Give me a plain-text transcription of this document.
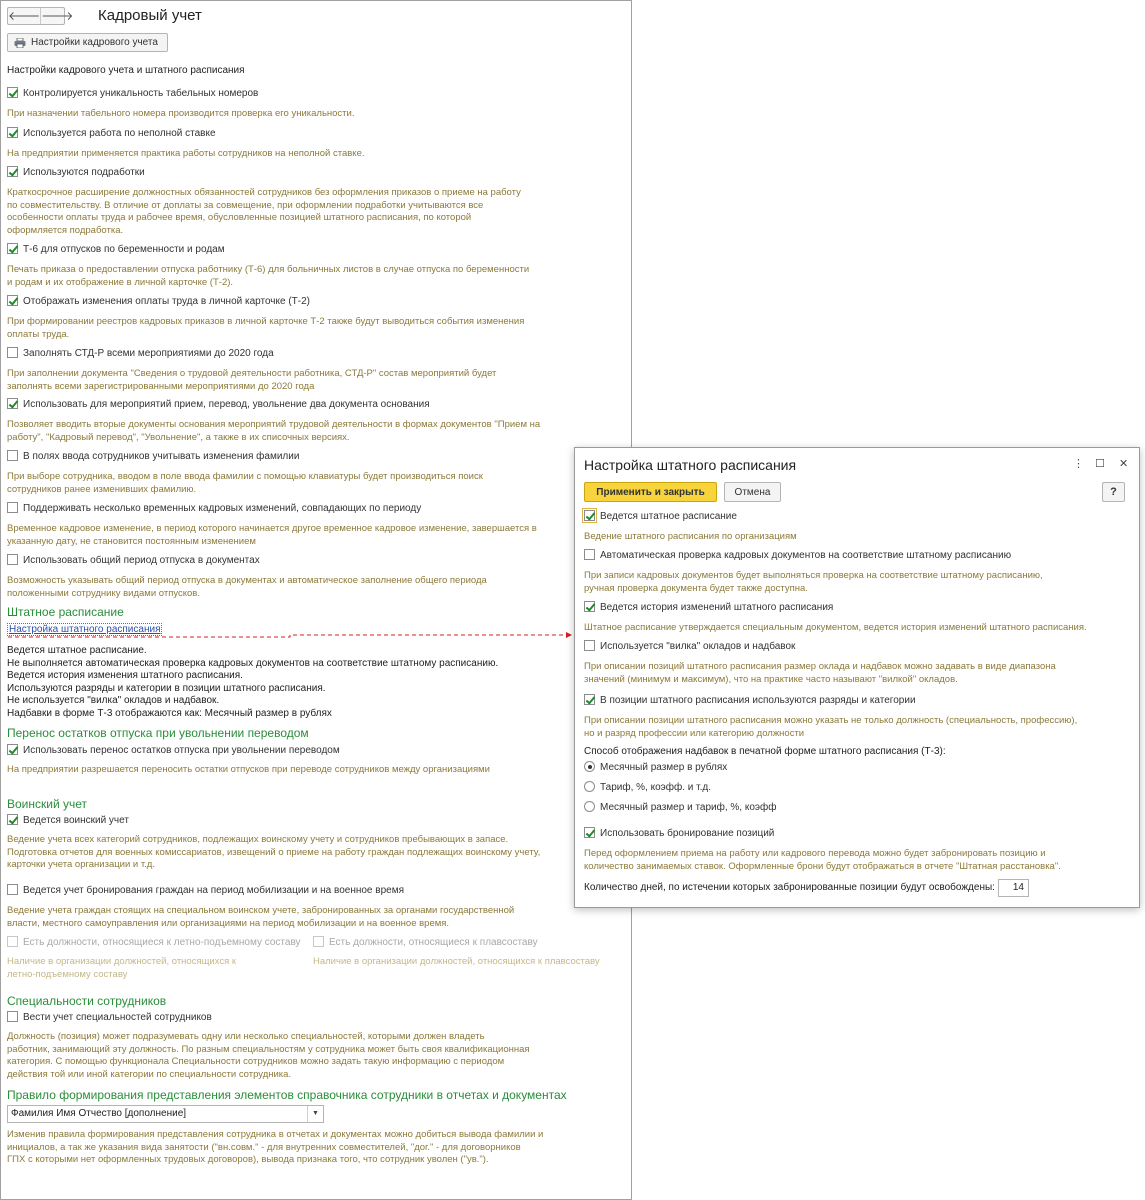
🡐 🡒 Кадровый учет
Настройки кадрового учета
Настройки кадрового учета и штатного расписания
Контролируется уникальность табельных номеров
При назначении табельного номера производится проверка его уникальности.
Используется работа по неполной ставке
На предприятии применяется практика работы сотрудников на неполной ставке.
Используются подработки
Краткосрочное расширение должностных обязанностей сотрудников без оформления приказов о приеме на работу
по совместительству. В отличие от доплаты за совмещение, при оформлении подработки учитываются все
особенности оплаты труда и рабочее время, обусловленные позицией штатного расписания, по которой
оформляется подработка.
Т-6 для отпусков по беременности и родам
Печать приказа о предоставлении отпуска работнику (Т-6) для больничных листов в случае отпуска по беременности
и родам и их отображение в личной карточке (Т-2).
Отображать изменения оплаты труда в личной карточке (Т-2)
При формировании реестров кадровых приказов в личной карточке Т-2 также будут выводиться события изменения
оплаты труда.
Заполнять СТД-Р всеми мероприятиями до 2020 года
При заполнении документа "Сведения о трудовой деятельности работника, СТД-Р" состав мероприятий будет
заполнять всеми зарегистрированными мероприятиями до 2020 года
Использовать для мероприятий прием, перевод, увольнение два документа основания
Позволяет вводить вторые документы основания мероприятий трудовой деятельности в формах документов "Прием на
работу", "Кадровый перевод", "Увольнение", а также в их списочных версиях.
В полях ввода сотрудников учитывать изменения фамилии
При выборе сотрудника, вводом в поле ввода фамилии с помощью клавиатуры будет производиться поиск
сотрудников ранее изменивших фамилию.
Поддерживать несколько временных кадровых изменений, совпадающих по периоду
Временное кадровое изменение, в период которого начинается другое временное кадровое изменение, завершается в
указанную дату, не становится постоянным изменением
Использовать общий период отпуска в документах
Возможность указывать общий период отпуска в документах и автоматическое заполнение общего периода
положенными сотруднику видами отпусков.
Штатное расписание
Настройка штатного расписания
Ведется штатное расписание.
Не выполняется автоматическая проверка кадровых документов на соответствие штатному расписанию.
Ведется история изменения штатного расписания.
Используются разряды и категории в позиции штатного расписания.
Не используется "вилка" окладов и надбавок.
Надбавки в форме Т-3 отображаются как: Месячный размер в рублях
Перенос остатков отпуска при увольнении переводом
Использовать перенос остатков отпуска при увольнении переводом
На предприятии разрешается переносить остатки отпусков при переводе сотрудников между организациями
Воинский учет
Ведется воинский учет
Ведение учета всех категорий сотрудников, подлежащих воинскому учету и сотрудников пребывающих в запасе.
Подготовка отчетов для военных комиссариатов, извещений о приеме на работу граждан подлежащих воинскому учету,
карточки учета организации и т.д.
Ведется учет бронирования граждан на период мобилизации и на военное время
Ведение учета граждан стоящих на специальном воинском учете, забронированных за органами государственной
власти, местного самоуправления или организациями на период мобилизации и на военное время.
Есть должности, относящиеся к летно-подъемному составу	Есть должности, относящиеся к плавсоставу
Наличие в организации должностей, относящихся к
летно-подъемному составу
Наличие в организации должностей, относящихся к плавсоставу
Специальности сотрудников
Вести учет специальностей сотрудников
Должность (позиция) может подразумевать одну или несколько специальностей, которыми должен владеть
работник, занимающий эту должность. По разным специальностям у сотрудника может быть своя квалификационная
категория. С помощью функционала Специальности сотрудников можно задать такую информацию с периодом
действия той или иной категории по специальности сотрудника.
Правило формирования представления элементов справочника сотрудники в отчетах и документах
Фамилия Имя Отчество [дополнение]	▼
Изменив правила формирования представления сотрудника в отчетах и документах можно добиться вывода фамилии и
инициалов, а так же указания вида занятости ("вн.совм." - для внутренних совместителей, "дог." - для договорников
ГПХ с которыми нет оформленных трудовых договоров), вывода признака того, что сотрудник уволен ("ув.").
Настройка штатного расписания	⋮ ☐ ✕
Применить и закрыть	Отмена	?
Ведется штатное расписание
Ведение штатного расписания по организациям
Автоматическая проверка кадровых документов на соответствие штатному расписанию
При записи кадровых документов будет выполняться проверка на соответствие штатному расписанию,
ручная проверка документа будет также доступна.
Ведется история изменений штатного расписания
Штатное расписание утверждается специальным документом, ведется история изменений штатного расписания.
Используется "вилка" окладов и надбавок
При описании позиций штатного расписания размер оклада и надбавок можно задавать в виде диапазона
значений (минимум и максимум), что на практике часто называют "вилкой" окладов.
В позиции штатного расписания используются разряды и категории
При описании позиции штатного расписания можно указать не только должность (специальность, профессию),
но и разряд профессии или категорию должности
Способ отображения надбавок в печатной форме штатного расписания (Т-3):
Месячный размер в рублях
Тариф, %, коэфф. и т.д.
Месячный размер и тариф, %, коэфф
Использовать бронирование позиций
Перед оформлением приема на работу или кадрового перевода можно будет забронировать позицию и
количество занимаемых ставок. Оформленные брони будут отображаться в отчете "Штатная расстановка".
Количество дней, по истечении которых забронированные позиции будут освобождены:	14
